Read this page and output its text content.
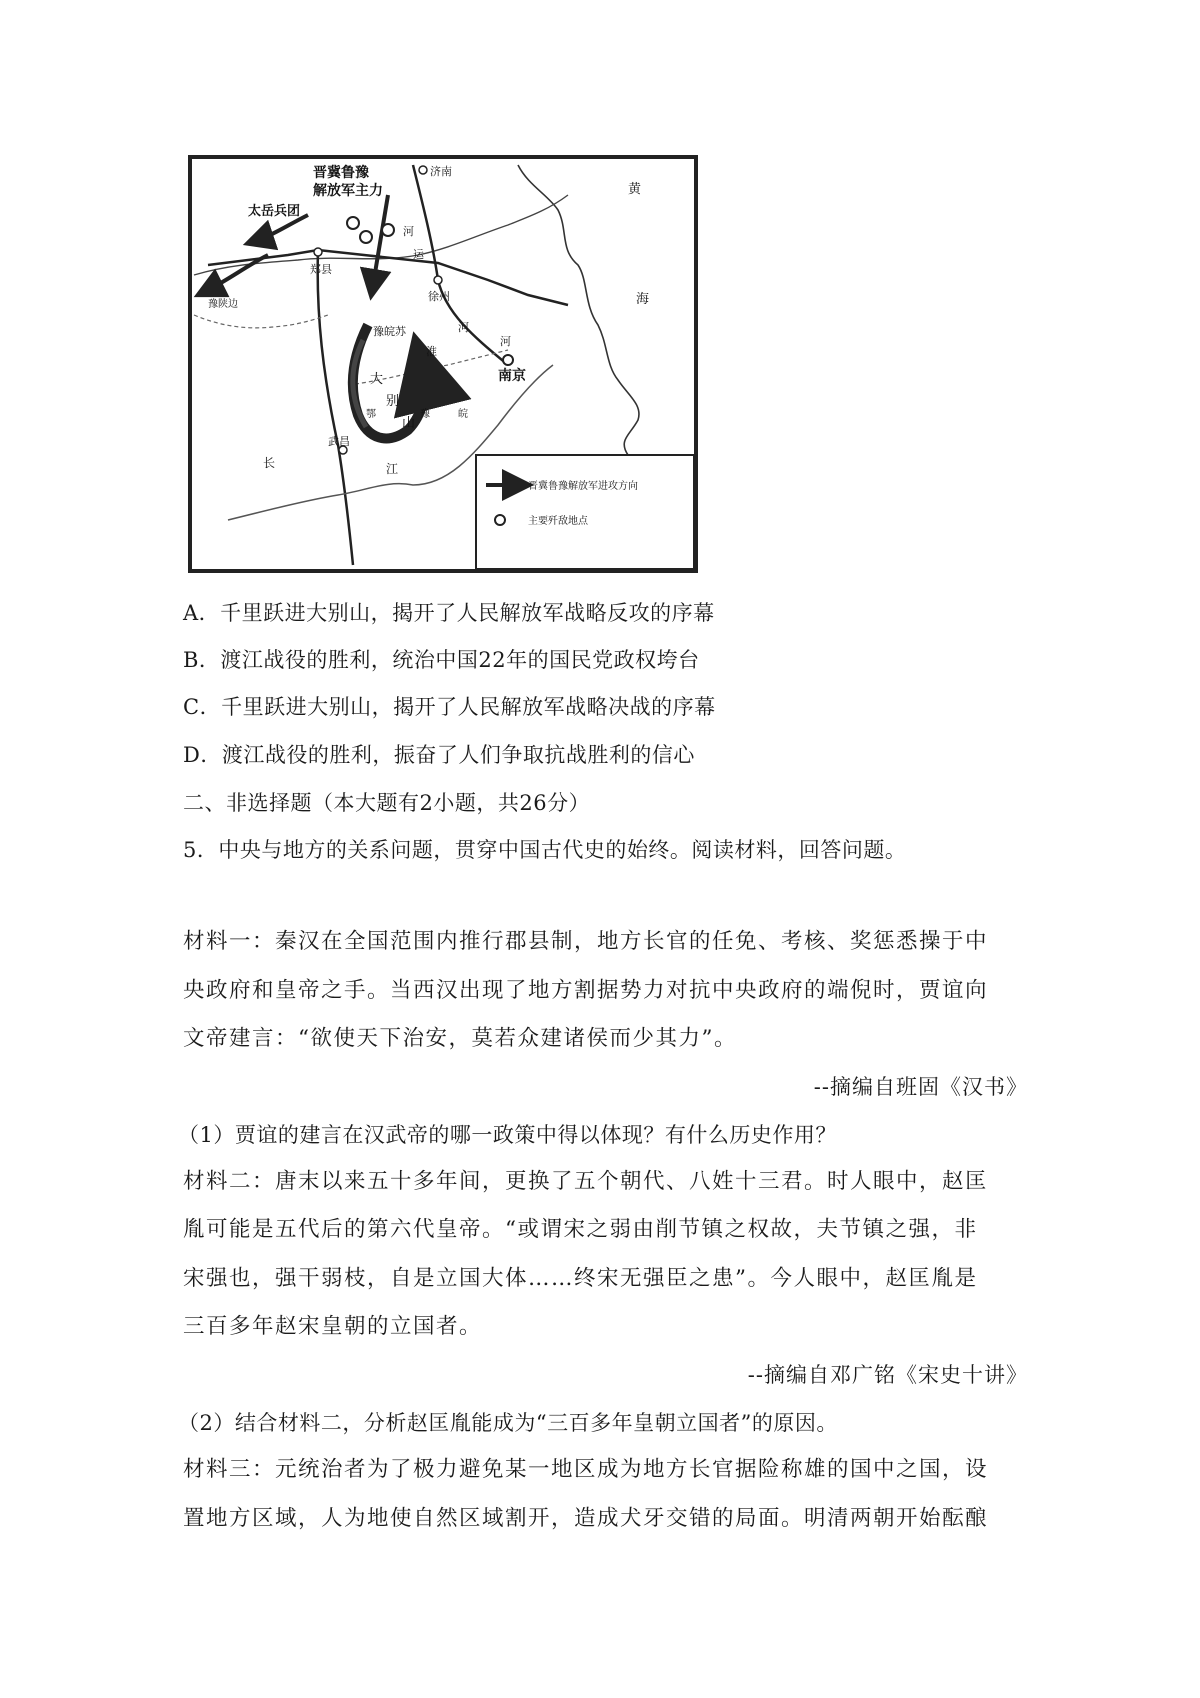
济南
晋冀鲁豫
解放军主力
太岳兵团
黄
海
郑县
徐州
南京
武昌
豫陕边
豫皖苏
大
别
山
鄂	豫	皖
运
河
淮
河
河
长	江
晋冀鲁豫解放军进攻方向
主要歼敌地点
A．千里跃进大别山，揭开了人民解放军战略反攻的序幕
B．渡江战役的胜利，统治中国22年的国民党政权垮台
C．千里跃进大别山，揭开了人民解放军战略决战的序幕
D．渡江战役的胜利，振奋了人们争取抗战胜利的信心
二、非选择题（本大题有2小题，共26分）
5．中央与地方的关系问题，贯穿中国古代史的始终。阅读材料，回答问题。
材料一：秦汉在全国范围内推行郡县制，地方长官的任免、考核、奖惩悉操于中
央政府和皇帝之手。当西汉出现了地方割据势力对抗中央政府的端倪时，贾谊向
文帝建言：“欲使天下治安，莫若众建诸侯而少其力”。
--摘编自班固《汉书》
（1）贾谊的建言在汉武帝的哪一政策中得以体现？有什么历史作用？
材料二：唐末以来五十多年间，更换了五个朝代、八姓十三君。时人眼中，赵匡
胤可能是五代后的第六代皇帝。“或谓宋之弱由削节镇之权故，夫节镇之强，非
宋强也，强干弱枝，自是立国大体……终宋无强臣之患”。今人眼中，赵匡胤是
三百多年赵宋皇朝的立国者。
--摘编自邓广铭《宋史十讲》
（2）结合材料二，分析赵匡胤能成为“三百多年皇朝立国者”的原因。
材料三：元统治者为了极力避免某一地区成为地方长官据险称雄的国中之国，设
置地方区域，人为地使自然区域割开，造成犬牙交错的局面。明清两朝开始酝酿
